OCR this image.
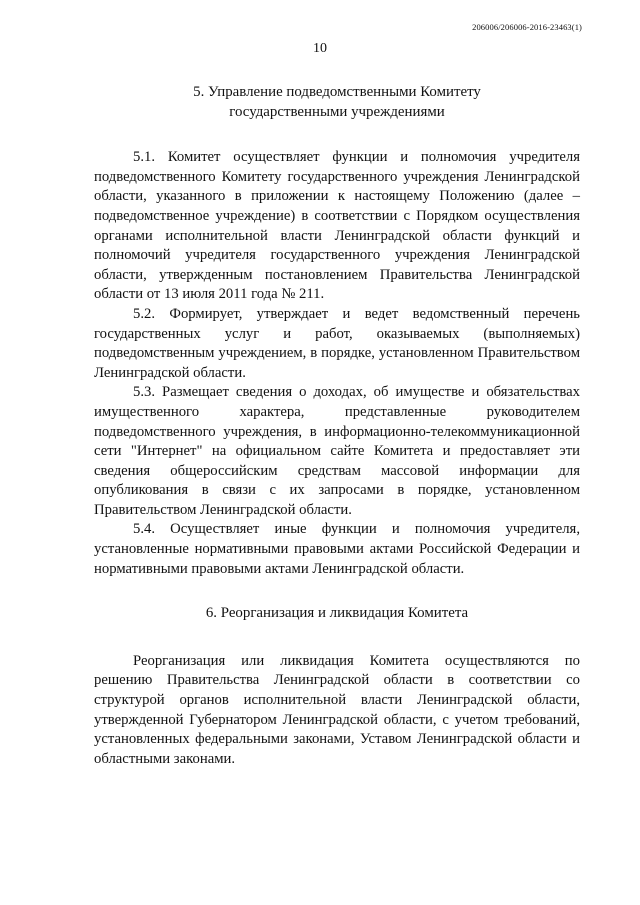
206006/206006-2016-23463(1)
10
5. Управление подведомственными Комитету
государственными учреждениями

5.1. Комитет осуществляет функции и полномочия учредителя подведомственного Комитету государственного учреждения Ленинградской области, указанного в приложении к настоящему Положению (далее – подведомственное учреждение) в соответствии с Порядком осуществления органами исполнительной власти Ленинградской области функций и полномочий учредителя государственного учреждения Ленинградской области, утвержденным постановлением Правительства Ленинградской области от 13 июля 2011 года № 211.

5.2. Формирует, утверждает и ведет ведомственный перечень государственных услуг и работ, оказываемых (выполняемых) подведомственным учреждением, в порядке, установленном Правительством Ленинградской области.

5.3. Размещает сведения о доходах, об имуществе и обязательствах имущественного характера, представленные руководителем подведомственного учреждения, в информационно-телекоммуникационной сети "Интернет" на официальном сайте Комитета и предоставляет эти сведения общероссийским средствам массовой информации для опубликования в связи с их запросами в порядке, установленном Правительством Ленинградской области.

5.4. Осуществляет иные функции и полномочия учредителя, установленные нормативными правовыми актами Российской Федерации и нормативными правовыми актами Ленинградской области.

6. Реорганизация и ликвидация Комитета

Реорганизация или ликвидация Комитета осуществляются по решению Правительства Ленинградской области в соответствии со структурой органов исполнительной власти Ленинградской области, утвержденной Губернатором Ленинградской области, с учетом требований, установленных федеральными законами, Уставом Ленинградской области и областными законами.
